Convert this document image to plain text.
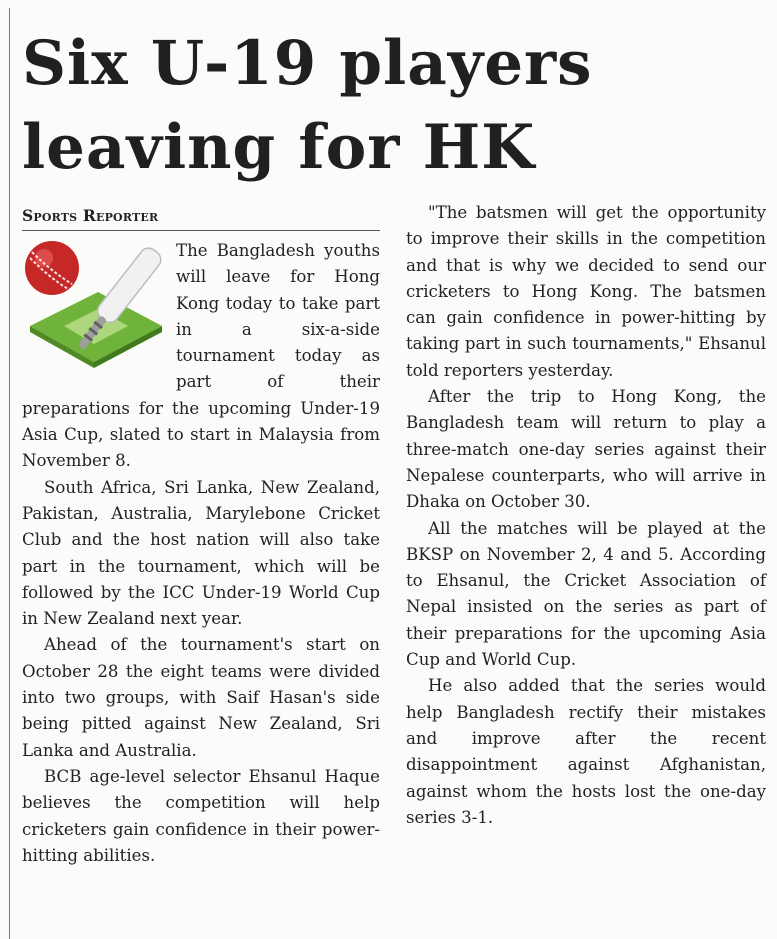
Six U-19 players
leaving for HK
Sports Reporter

The Bangladesh youths will leave for Hong Kong today to take part in a six-a-side tournament today as part of their preparations for the upcoming Under-19 Asia Cup, slated to start in Malaysia from November 8.

South Africa, Sri Lanka, New Zealand, Pakistan, Australia, Marylebone Cricket Club and the host nation will also take part in the tournament, which will be followed by the ICC Under-19 World Cup in New Zealand next year.

Ahead of the tournament's start on October 28 the eight teams were divided into two groups, with Saif Hasan's side being pitted against New Zealand, Sri Lanka and Australia.

BCB age-level selector Ehsanul Haque believes the competition will help cricketers gain confidence in their power-hitting abilities.

"The batsmen will get the opportunity to improve their skills in the competition and that is why we decided to send our cricketers to Hong Kong. The batsmen can gain confidence in power-hitting by taking part in such tournaments," Ehsanul told reporters yesterday.

After the trip to Hong Kong, the Bangladesh team will return to play a three-match one-day series against their Nepalese counterparts, who will arrive in Dhaka on October 30.

All the matches will be played at the BKSP on November 2, 4 and 5. According to Ehsanul, the Cricket Association of Nepal insisted on the series as part of their preparations for the upcoming Asia Cup and World Cup.

He also added that the series would help Bangladesh rectify their mistakes and improve after the recent disappointment against Afghanistan, against whom the hosts lost the one-day series 3-1.
